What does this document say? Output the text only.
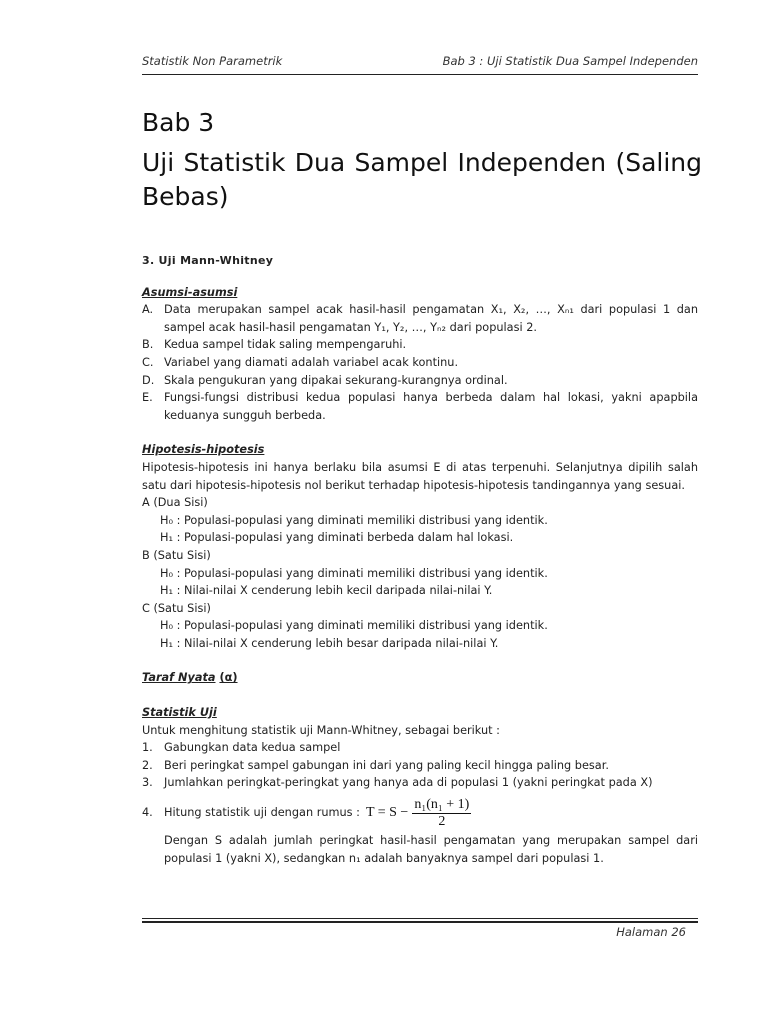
Statistik Non Parametrik	Bab 3 : Uji Statistik Dua Sampel Independen
Bab 3
Uji Statistik Dua Sampel Independen (Saling Bebas)
3. Uji Mann-Whitney
Asumsi-asumsi
A. Data merupakan sampel acak hasil-hasil pengamatan X₁, X₂, …, Xₙ₁ dari populasi 1 dan sampel acak hasil-hasil pengamatan Y₁, Y₂, …, Yₙ₂ dari populasi 2.
B. Kedua sampel tidak saling mempengaruhi.
C. Variabel yang diamati adalah variabel acak kontinu.
D. Skala pengukuran yang dipakai sekurang-kurangnya ordinal.
E. Fungsi-fungsi distribusi kedua populasi hanya berbeda dalam hal lokasi, yakni apapbila keduanya sungguh berbeda.
Hipotesis-hipotesis
Hipotesis-hipotesis ini hanya berlaku bila asumsi E di atas terpenuhi. Selanjutnya dipilih salah satu dari hipotesis-hipotesis nol berikut terhadap hipotesis-hipotesis tandingannya yang sesuai.
A (Dua Sisi)
H₀ :
Populasi-populasi yang diminati memiliki distribusi yang identik.
H₁ :
Populasi-populasi yang diminati berbeda dalam hal lokasi.
B (Satu Sisi)
H₀ :
Populasi-populasi yang diminati memiliki distribusi yang identik.
H₁ :
Nilai-nilai X cenderung lebih kecil daripada nilai-nilai Y.
C (Satu Sisi)
H₀ :
Populasi-populasi yang diminati memiliki distribusi yang identik.
H₁ :
Nilai-nilai X cenderung lebih besar daripada nilai-nilai Y.
Taraf Nyata (α)
Statistik Uji
Untuk menghitung statistik uji Mann-Whitney, sebagai berikut :
1. Gabungkan data kedua sampel
2. Beri peringkat sampel gabungan ini dari yang paling kecil hingga paling besar.
3. Jumlahkan peringkat-peringkat yang hanya ada di populasi 1 (yakni peringkat pada X)
4. Hitung statistik uji dengan rumus : $T = S - \frac{\text{n₁(n₁ + 1)}}{2}$
Dengan S adalah jumlah peringkat hasil-hasil pengamatan yang merupakan sampel dari populasi 1 (yakni X), sedangkan n₁ adalah banyaknya sampel dari populasi 1.
Halaman 26
